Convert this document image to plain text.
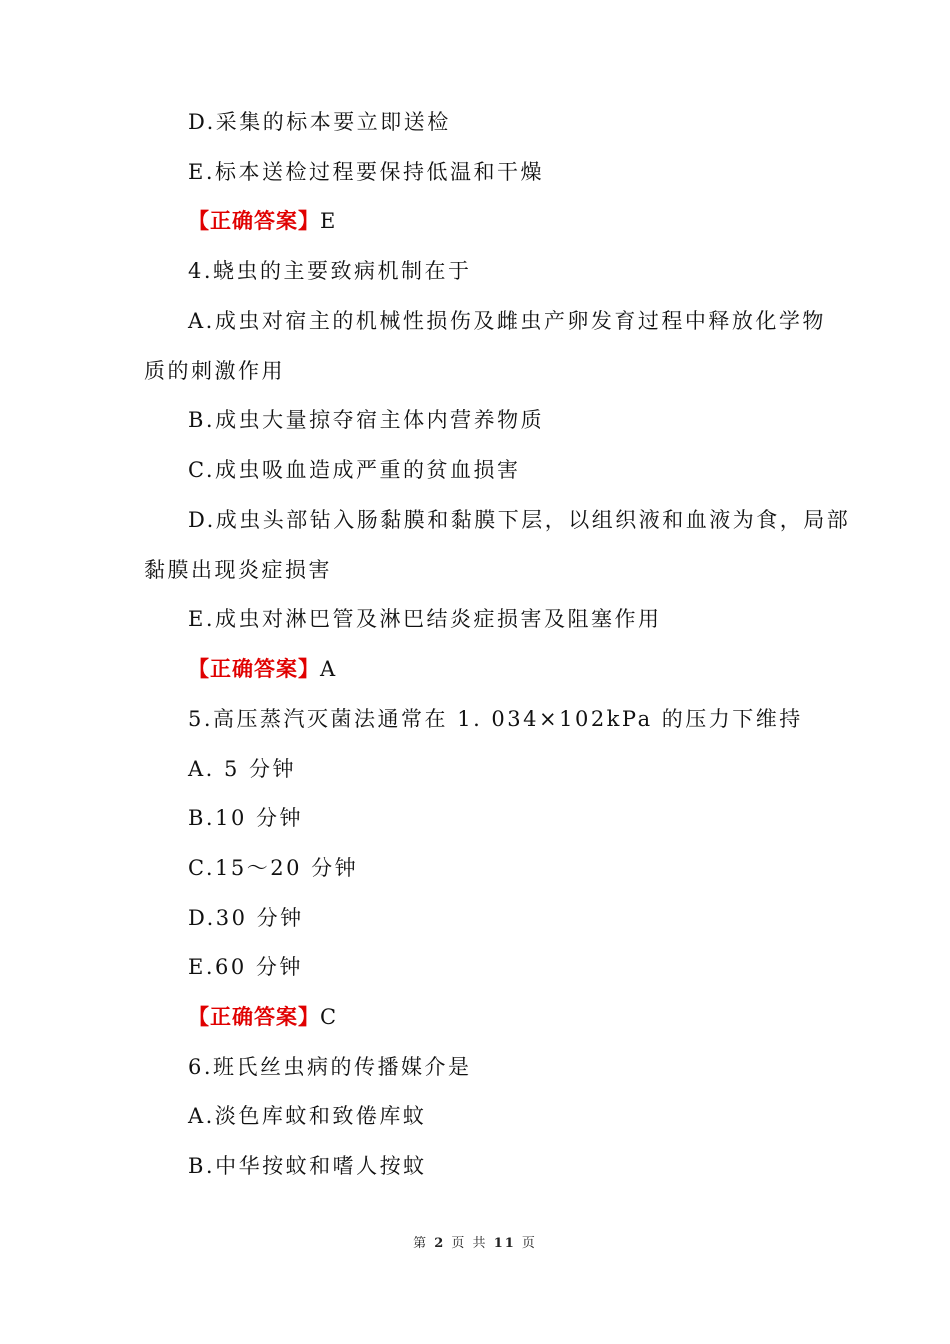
D.采集的标本要立即送检
E.标本送检过程要保持低温和干燥
【正确答案】E
4.蛲虫的主要致病机制在于
A.成虫对宿主的机械性损伤及雌虫产卵发育过程中释放化学物
质的刺激作用
B.成虫大量掠夺宿主体内营养物质
C.成虫吸血造成严重的贫血损害
D.成虫头部钻入肠黏膜和黏膜下层，以组织液和血液为食，局部
黏膜出现炎症损害
E.成虫对淋巴管及淋巴结炎症损害及阻塞作用
【正确答案】A
5.高压蒸汽灭菌法通常在 1. 034×102kPa 的压力下维持
A. 5 分钟
B.10 分钟
C.15～20 分钟
D.30 分钟
E.60 分钟
【正确答案】C
6.班氏丝虫病的传播媒介是
A.淡色库蚊和致倦库蚊
B.中华按蚊和嗜人按蚊
第 2 页 共 11 页
